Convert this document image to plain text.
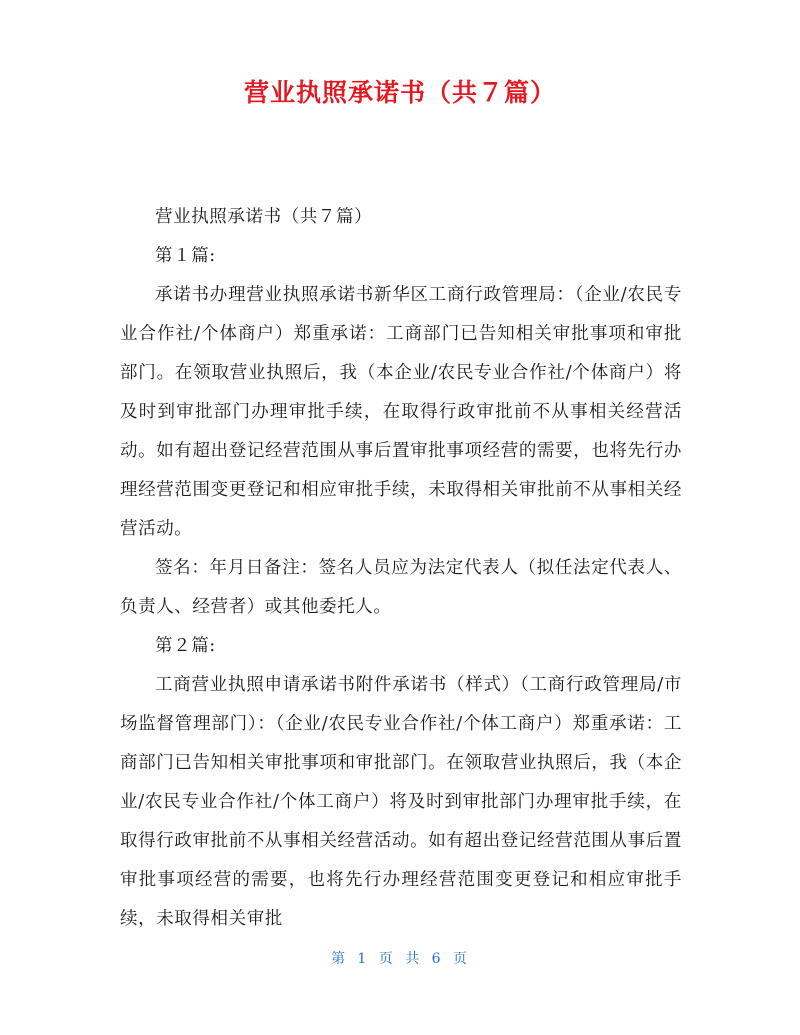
营业执照承诺书（共７篇）

营业执照承诺书（共７篇）

第１篇:

承诺书办理营业执照承诺书新华区工商行政管理局：（企业/农民专业合作社/个体商户）郑重承诺：工商部门已告知相关审批事项和审批部门。在领取营业执照后，我（本企业/农民专业合作社/个体商户）将及时到审批部门办理审批手续，在取得行政审批前不从事相关经营活动。如有超出登记经营范围从事后置审批事项经营的需要，也将先行办理经营范围变更登记和相应审批手续，未取得相关审批前不从事相关经营活动。

签名：年月日备注：签名人员应为法定代表人（拟任法定代表人、负责人、经营者）或其他委托人。

第２篇:

工商营业执照申请承诺书附件承诺书（样式）（工商行政管理局/市场监督管理部门）：（企业/农民专业合作社/个体工商户）郑重承诺：工商部门已告知相关审批事项和审批部门。在领取营业执照后，我（本企业/农民专业合作社/个体工商户）将及时到审批部门办理审批手续，在取得行政审批前不从事相关经营活动。如有超出登记经营范围从事后置审批事项经营的需要，也将先行办理经营范围变更登记和相应审批手续，未取得相关审批

第 1 页 共 6 页
